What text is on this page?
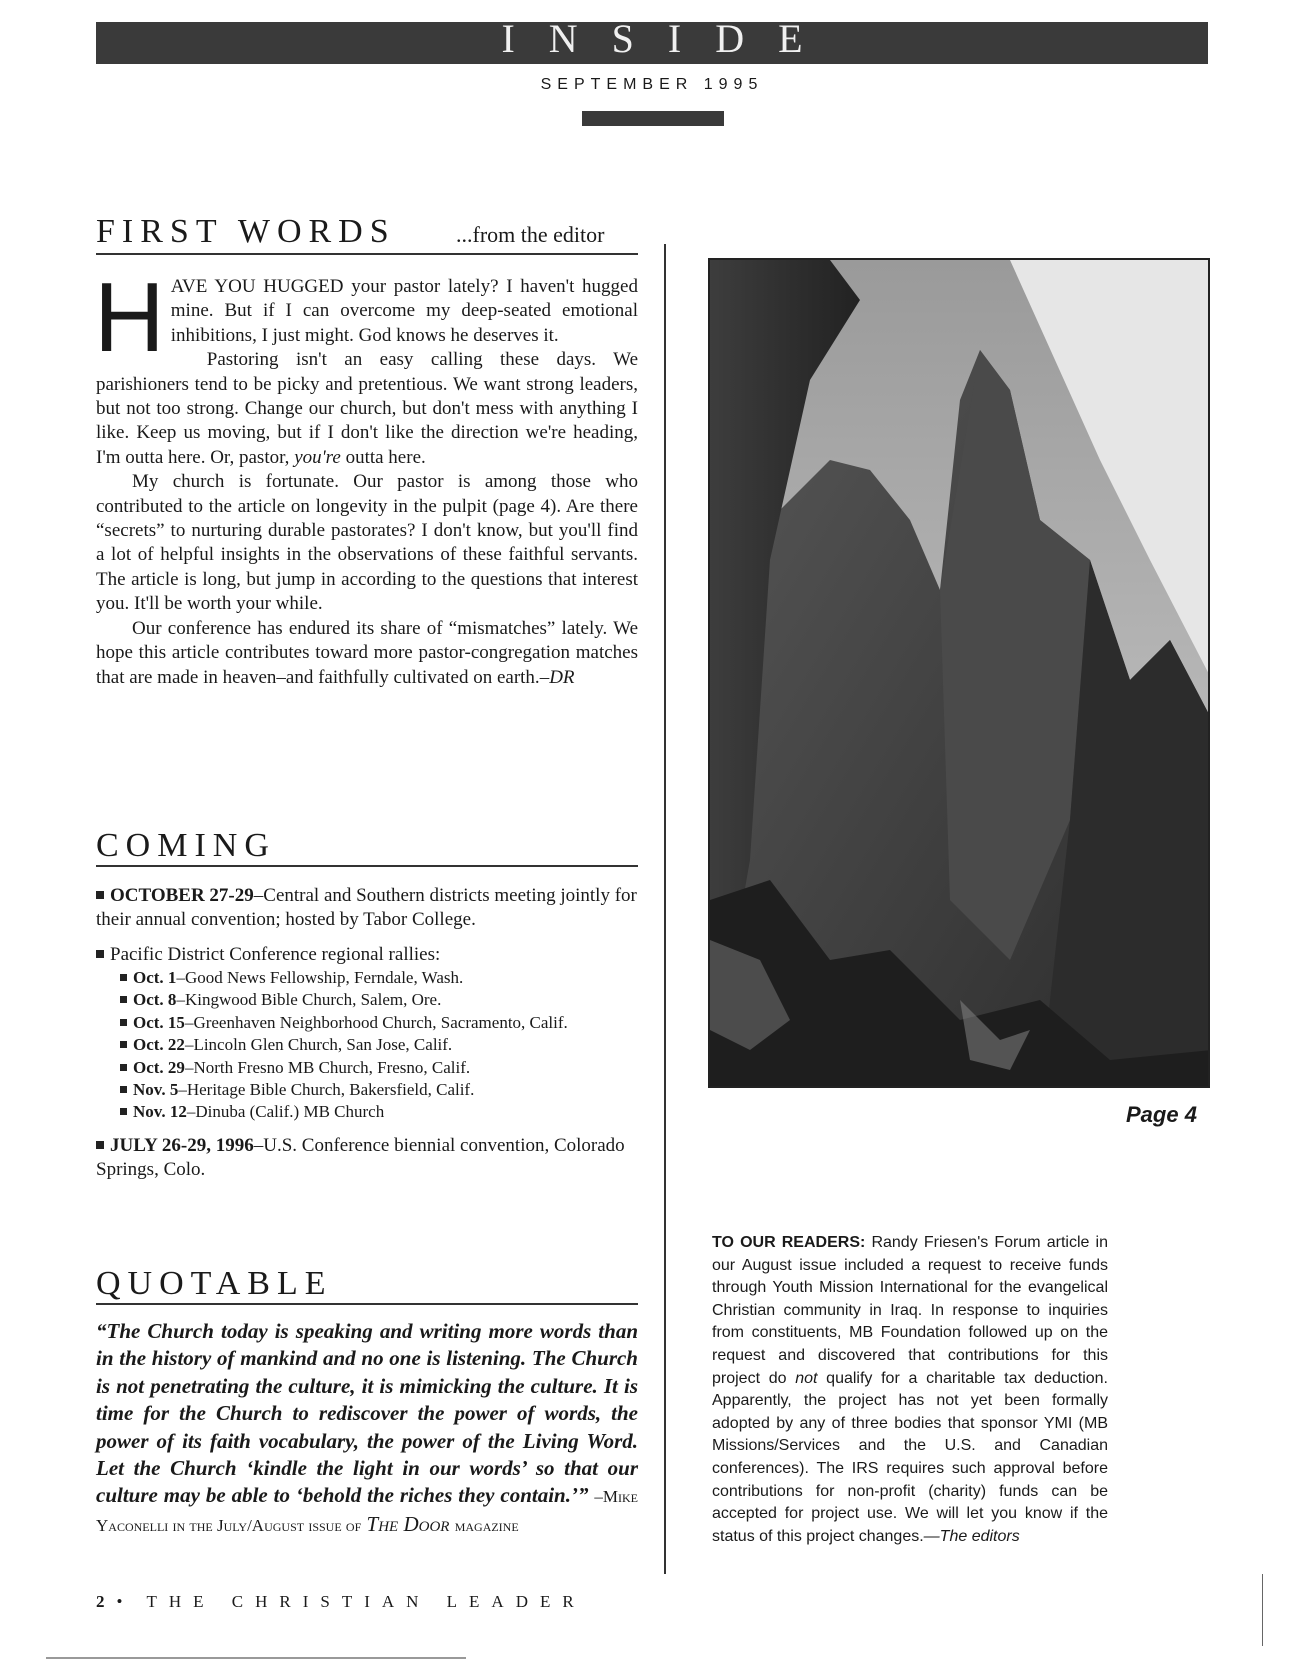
INSIDE
SEPTEMBER 1995
FIRST WORDS	...from the editor

HAVE YOU HUGGED your pastor lately? I haven't hugged mine. But if I can overcome my deep-seated emotional inhibitions, I just might. God knows he deserves it.

Pastoring isn't an easy calling these days. We parishioners tend to be picky and pretentious. We want strong leaders, but not too strong. Change our church, but don't mess with anything I like. Keep us moving, but if I don't like the direction we're heading, I'm outta here. Or, pastor, you're outta here.

My church is fortunate. Our pastor is among those who contributed to the article on longevity in the pulpit (page 4). Are there “secrets” to nurturing durable pastorates? I don't know, but you'll find a lot of helpful insights in the observations of these faithful servants. The article is long, but jump in according to the questions that interest you. It'll be worth your while.

Our conference has endured its share of “mismatches” lately. We hope this article contributes toward more pastor-congregation matches that are made in heaven–and faithfully cultivated on earth.–DR

COMING
OCTOBER 27-29–Central and Southern districts meeting jointly for their annual convention; hosted by Tabor College.
Pacific District Conference regional rallies:
Oct. 1–Good News Fellowship, Ferndale, Wash.
Oct. 8–Kingwood Bible Church, Salem, Ore.
Oct. 15–Greenhaven Neighborhood Church, Sacramento, Calif.
Oct. 22–Lincoln Glen Church, San Jose, Calif.
Oct. 29–North Fresno MB Church, Fresno, Calif.
Nov. 5–Heritage Bible Church, Bakersfield, Calif.
Nov. 12–Dinuba (Calif.) MB Church
JULY 26-29, 1996–U.S. Conference biennial convention, Colorado Springs, Colo.
QUOTABLE
“The Church today is speaking and writing more words than in the history of mankind and no one is listening. The Church is not penetrating the culture, it is mimicking the culture. It is time for the Church to rediscover the power of words, the power of its faith vocabulary, the power of the Living Word. Let the Church ‘kindle the light in our words’ so that our culture may be able to ‘behold the riches they contain.’” –Mike Yaconelli in the July/August issue of The Door magazine
2 • THE CHRISTIAN LEADER
Page 4
TO OUR READERS: Randy Friesen's Forum article in our August issue included a request to receive funds through Youth Mission International for the evangelical Christian community in Iraq. In response to inquiries from constituents, MB Foundation followed up on the request and discovered that contributions for this project do not qualify for a charitable tax deduction. Apparently, the project has not yet been formally adopted by any of three bodies that sponsor YMI (MB Missions/Services and the U.S. and Canadian conferences). The IRS requires such approval before contributions for non-profit (charity) funds can be accepted for project use. We will let you know if the status of this project changes.—The editors
